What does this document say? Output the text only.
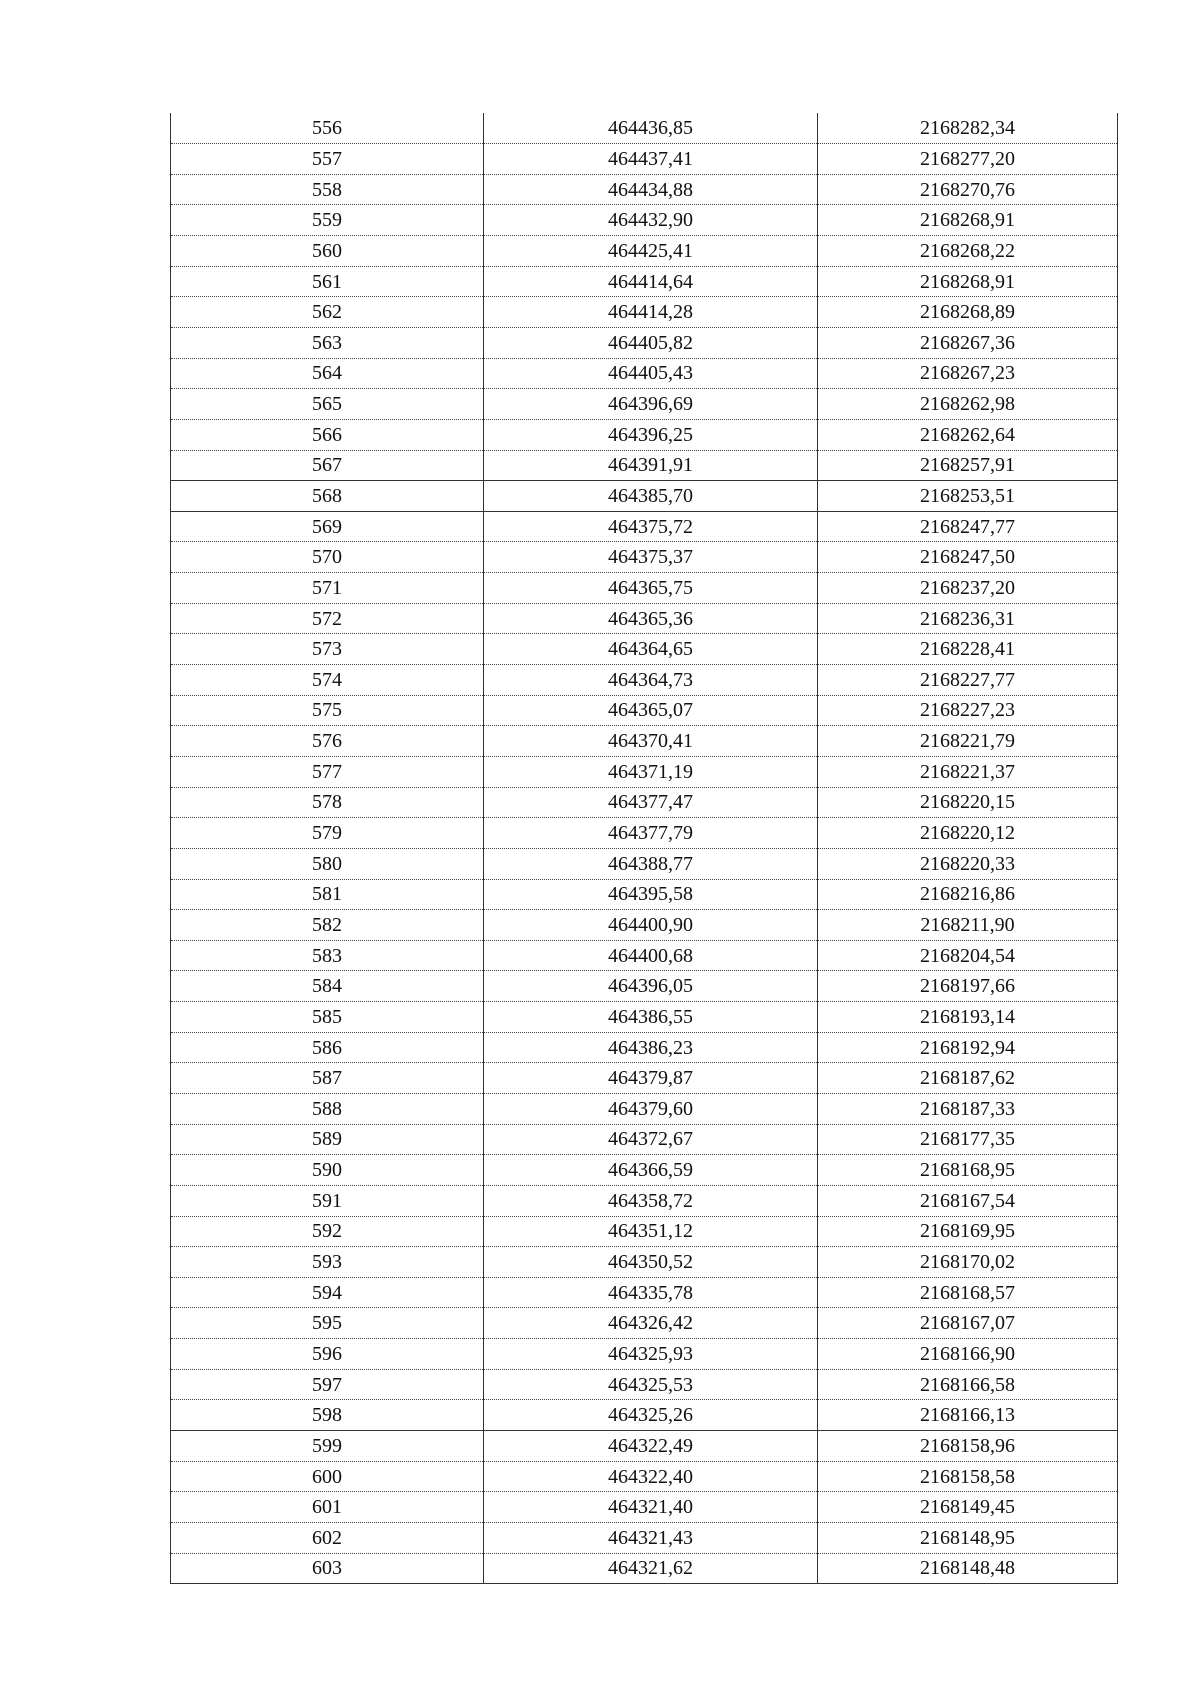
556	464436,85	2168282,34
557	464437,41	2168277,20
558	464434,88	2168270,76
559	464432,90	2168268,91
560	464425,41	2168268,22
561	464414,64	2168268,91
562	464414,28	2168268,89
563	464405,82	2168267,36
564	464405,43	2168267,23
565	464396,69	2168262,98
566	464396,25	2168262,64
567	464391,91	2168257,91
568	464385,70	2168253,51
569	464375,72	2168247,77
570	464375,37	2168247,50
571	464365,75	2168237,20
572	464365,36	2168236,31
573	464364,65	2168228,41
574	464364,73	2168227,77
575	464365,07	2168227,23
576	464370,41	2168221,79
577	464371,19	2168221,37
578	464377,47	2168220,15
579	464377,79	2168220,12
580	464388,77	2168220,33
581	464395,58	2168216,86
582	464400,90	2168211,90
583	464400,68	2168204,54
584	464396,05	2168197,66
585	464386,55	2168193,14
586	464386,23	2168192,94
587	464379,87	2168187,62
588	464379,60	2168187,33
589	464372,67	2168177,35
590	464366,59	2168168,95
591	464358,72	2168167,54
592	464351,12	2168169,95
593	464350,52	2168170,02
594	464335,78	2168168,57
595	464326,42	2168167,07
596	464325,93	2168166,90
597	464325,53	2168166,58
598	464325,26	2168166,13
599	464322,49	2168158,96
600	464322,40	2168158,58
601	464321,40	2168149,45
602	464321,43	2168148,95
603	464321,62	2168148,48
